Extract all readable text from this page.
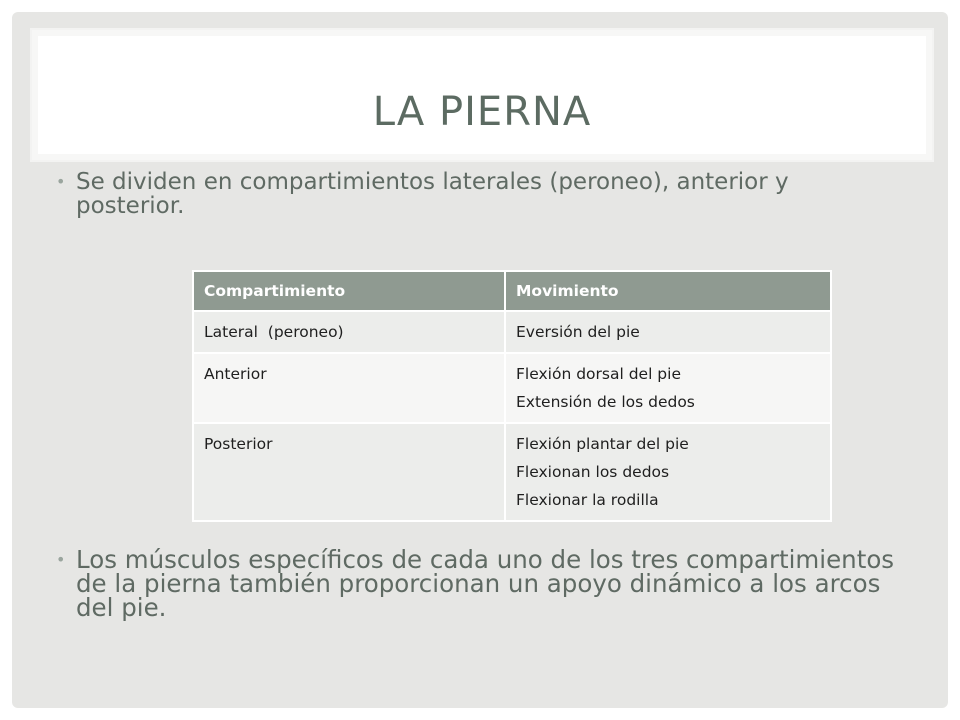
LA PIERNA
• Se dividen en compartimientos laterales (peroneo), anterior y posterior.
Compartimiento	Movimiento
Lateral  (peroneo)	Eversión del pie

Anterior	Flexión dorsal del pie
Extensión de los dedos

Posterior	Flexión plantar del pie
Flexionan los dedos
Flexionar la rodilla
• Los músculos específicos de cada uno de los tres compartimientos de la pierna también proporcionan un apoyo dinámico a los arcos del pie.
